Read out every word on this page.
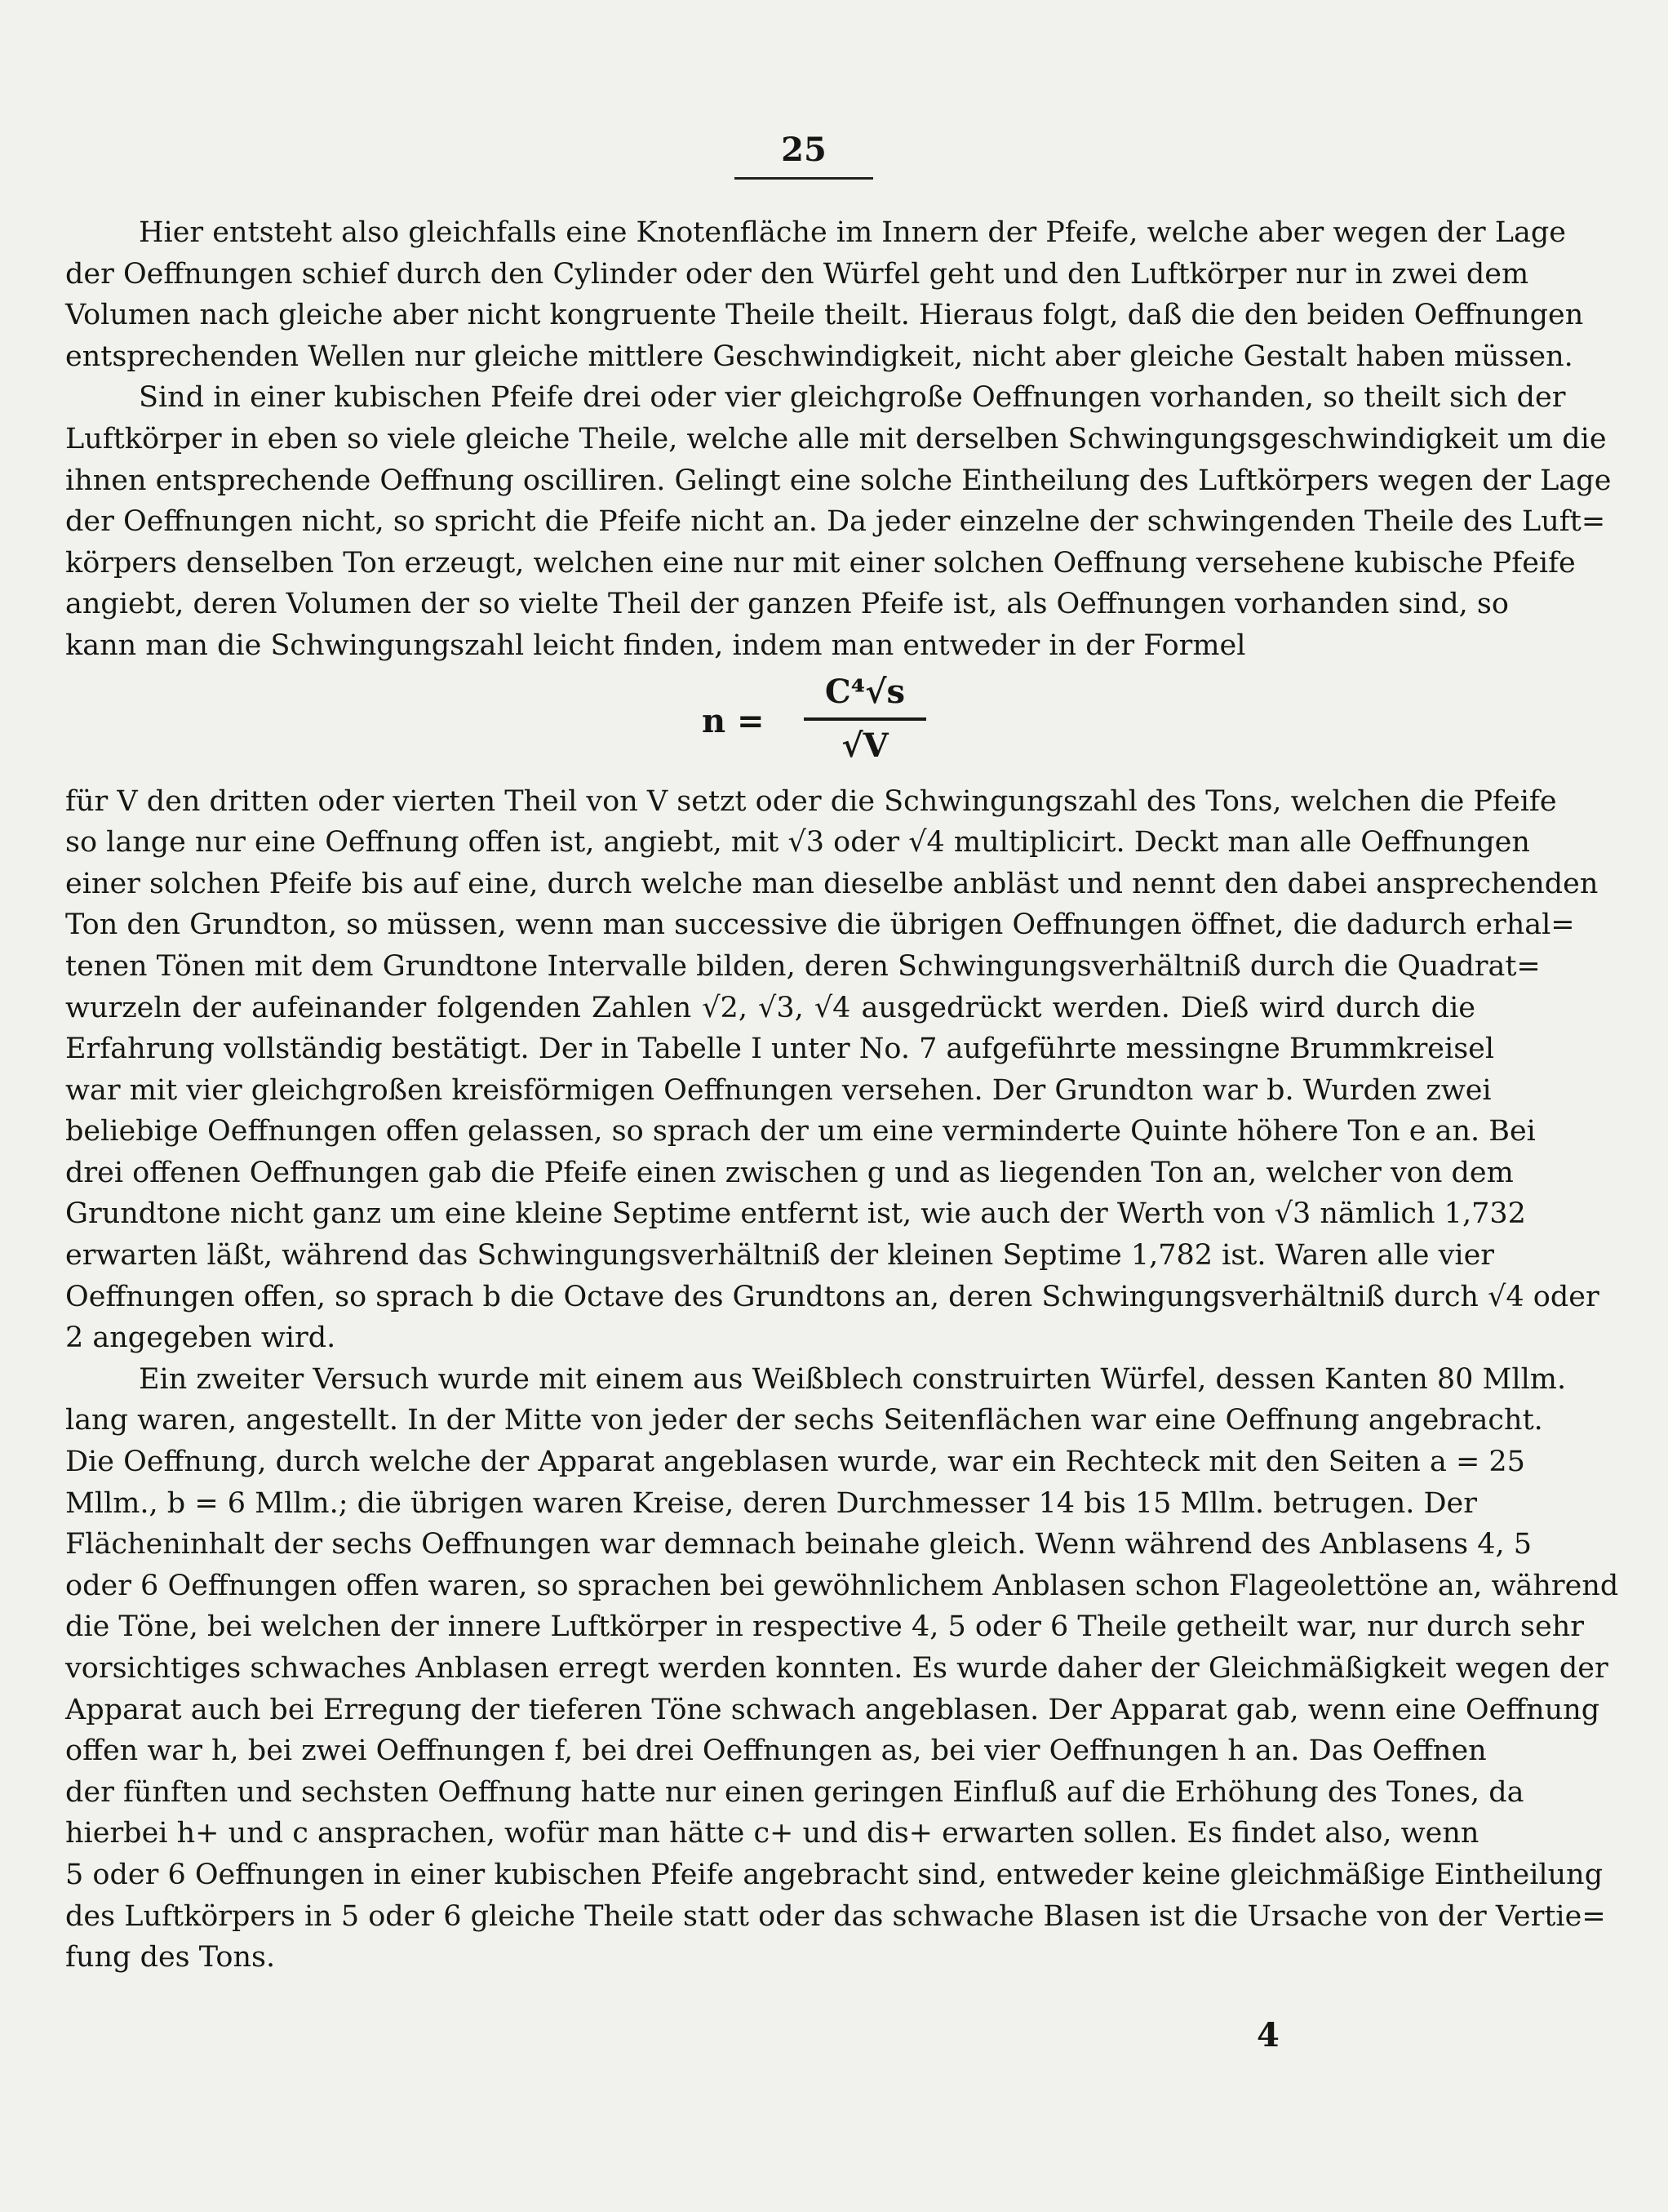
25
Hier entsteht also gleichfalls eine Knotenfläche im Innern der Pfeife, welche aber wegen der Lage
der Oeffnungen schief durch den Cylinder oder den Würfel geht und den Luftkörper nur in zwei dem
Volumen nach gleiche aber nicht kongruente Theile theilt. Hieraus folgt, daß die den beiden Oeffnungen
entsprechenden Wellen nur gleiche mittlere Geschwindigkeit, nicht aber gleiche Gestalt haben müssen.
Sind in einer kubischen Pfeife drei oder vier gleichgroße Oeffnungen vorhanden, so theilt sich der
Luftkörper in eben so viele gleiche Theile, welche alle mit derselben Schwingungsgeschwindigkeit um die
ihnen entsprechende Oeffnung oscilliren. Gelingt eine solche Eintheilung des Luftkörpers wegen der Lage
der Oeffnungen nicht, so spricht die Pfeife nicht an. Da jeder einzelne der schwingenden Theile des Luft=
körpers denselben Ton erzeugt, welchen eine nur mit einer solchen Oeffnung versehene kubische Pfeife
angiebt, deren Volumen der so vielte Theil der ganzen Pfeife ist, als Oeffnungen vorhanden sind, so
kann man die Schwingungszahl leicht finden, indem man entweder in der Formel
$n = \frac{\text{C⁴√s}}{√V}$
für V den dritten oder vierten Theil von V setzt oder die Schwingungszahl des Tons, welchen die Pfeife
so lange nur eine Oeffnung offen ist, angiebt, mit √3 oder √4 multiplicirt. Deckt man alle Oeffnungen
einer solchen Pfeife bis auf eine, durch welche man dieselbe anbläst und nennt den dabei ansprechenden
Ton den Grundton, so müssen, wenn man successive die übrigen Oeffnungen öffnet, die dadurch erhal=
tenen Tönen mit dem Grundtone Intervalle bilden, deren Schwingungsverhältniß durch die Quadrat=
wurzeln der aufeinander folgenden Zahlen √2, √3, √4 ausgedrückt werden. Dieß wird durch die
Erfahrung vollständig bestätigt. Der in Tabelle I unter No. 7 aufgeführte messingne Brummkreisel
war mit vier gleichgroßen kreisförmigen Oeffnungen versehen. Der Grundton war b. Wurden zwei
beliebige Oeffnungen offen gelassen, so sprach der um eine verminderte Quinte höhere Ton e an. Bei
drei offenen Oeffnungen gab die Pfeife einen zwischen g und as liegenden Ton an, welcher von dem
Grundtone nicht ganz um eine kleine Septime entfernt ist, wie auch der Werth von √3 nämlich 1,732
erwarten läßt, während das Schwingungsverhältniß der kleinen Septime 1,782 ist. Waren alle vier
Oeffnungen offen, so sprach b die Octave des Grundtons an, deren Schwingungsverhältniß durch √4 oder
2 angegeben wird.
Ein zweiter Versuch wurde mit einem aus Weißblech construirten Würfel, dessen Kanten 80 Mllm.
lang waren, angestellt. In der Mitte von jeder der sechs Seitenflächen war eine Oeffnung angebracht.
Die Oeffnung, durch welche der Apparat angeblasen wurde, war ein Rechteck mit den Seiten a = 25
Mllm., b = 6 Mllm.; die übrigen waren Kreise, deren Durchmesser 14 bis 15 Mllm. betrugen. Der
Flächeninhalt der sechs Oeffnungen war demnach beinahe gleich. Wenn während des Anblasens 4, 5
oder 6 Oeffnungen offen waren, so sprachen bei gewöhnlichem Anblasen schon Flageolettöne an, während
die Töne, bei welchen der innere Luftkörper in respective 4, 5 oder 6 Theile getheilt war, nur durch sehr
vorsichtiges schwaches Anblasen erregt werden konnten. Es wurde daher der Gleichmäßigkeit wegen der
Apparat auch bei Erregung der tieferen Töne schwach angeblasen. Der Apparat gab, wenn eine Oeffnung
offen war h, bei zwei Oeffnungen f, bei drei Oeffnungen as, bei vier Oeffnungen h an. Das Oeffnen
der fünften und sechsten Oeffnung hatte nur einen geringen Einfluß auf die Erhöhung des Tones, da
hierbei h+ und c ansprachen, wofür man hätte c+ und dis+ erwarten sollen. Es findet also, wenn
5 oder 6 Oeffnungen in einer kubischen Pfeife angebracht sind, entweder keine gleichmäßige Eintheilung
des Luftkörpers in 5 oder 6 gleiche Theile statt oder das schwache Blasen ist die Ursache von der Vertie=
fung des Tons.
4
